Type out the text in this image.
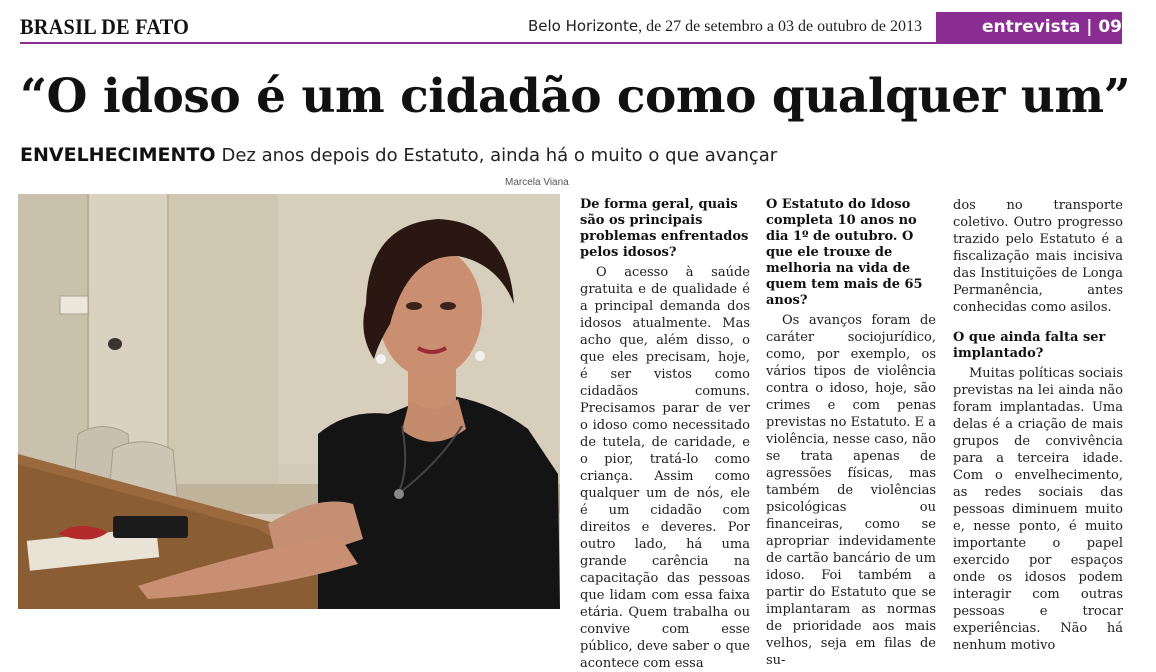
BRASIL DE FATO	Belo Horizonte, de 27 de setembro a 03 de outubro de 2013	entrevista | 09
“O idoso é um cidadão como qualquer um”
ENVELHECIMENTO Dez anos depois do Estatuto, ainda há o muito o que avançar
Marcela Viana

De forma geral, quais são os principais problemas enfrentados pelos idosos?

O acesso à saúde gratuita e de qualidade é a principal demanda dos idosos atualmente. Mas acho que, além disso, o que eles precisam, hoje, é ser vistos como cidadãos comuns. Precisamos parar de ver o idoso como necessitado de tutela, de caridade, e o pior, tratá-lo como criança. Assim como qualquer um de nós, ele é um cidadão com direitos e deveres. Por outro lado, há uma grande carência na capacitação das pessoas que lidam com essa faixa etária. Quem trabalha ou convive com esse público, deve saber o que acontece com essa

O Estatuto do Idoso completa 10 anos no dia 1º de outubro. O que ele trouxe de melhoria na vida de quem tem mais de 65 anos?

Os avanços foram de caráter sociojurídico, como, por exemplo, os vários tipos de violência contra o idoso, hoje, são crimes e com penas previstas no Estatuto. E a violência, nesse caso, não se trata apenas de agressões físicas, mas também de violências psicológicas ou financeiras, como se apropriar indevidamente de cartão bancário de um idoso. Foi também a partir do Estatuto que se implantaram as normas de prioridade aos mais velhos, seja em filas de su-

dos no transporte coletivo. Outro progresso trazido pelo Estatuto é a fiscalização mais incisiva das Instituições de Longa Permanência, antes conhecidas como asilos.

O que ainda falta ser implantado?

Muitas políticas sociais previstas na lei ainda não foram implantadas. Uma delas é a criação de mais grupos de convivência para a terceira idade. Com o envelhecimento, as redes sociais das pessoas diminuem muito e, nesse ponto, é muito importante o papel exercido por espaços onde os idosos podem interagir com outras pessoas e trocar experiências. Não há nenhum motivo
